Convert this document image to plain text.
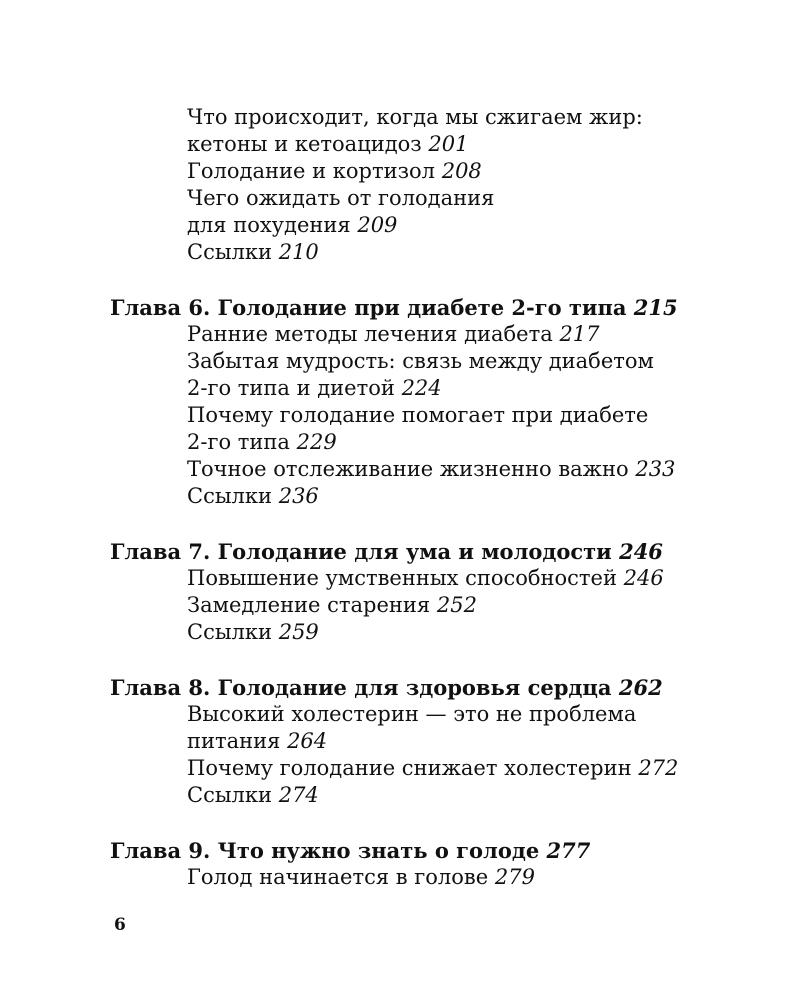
Что происходит, когда мы сжигаем жир:
кетоны и кетоацидоз 201
Голодание и кортизол 208
Чего ожидать от голодания
для похудения 209
Ссылки 210
Глава 6. Голодание при диабете 2-го типа 215
Ранние методы лечения диабета 217
Забытая мудрость: связь между диабетом
2-го типа и диетой 224
Почему голодание помогает при диабете
2-го типа 229
Точное отслеживание жизненно важно 233
Ссылки 236
Глава 7. Голодание для ума и молодости 246
Повышение умственных способностей 246
Замедление старения 252
Ссылки 259
Глава 8. Голодание для здоровья сердца 262
Высокий холестерин — это не проблема
питания 264
Почему голодание снижает холестерин 272
Ссылки 274
Глава 9. Что нужно знать о голоде 277
Голод начинается в голове 279
6
